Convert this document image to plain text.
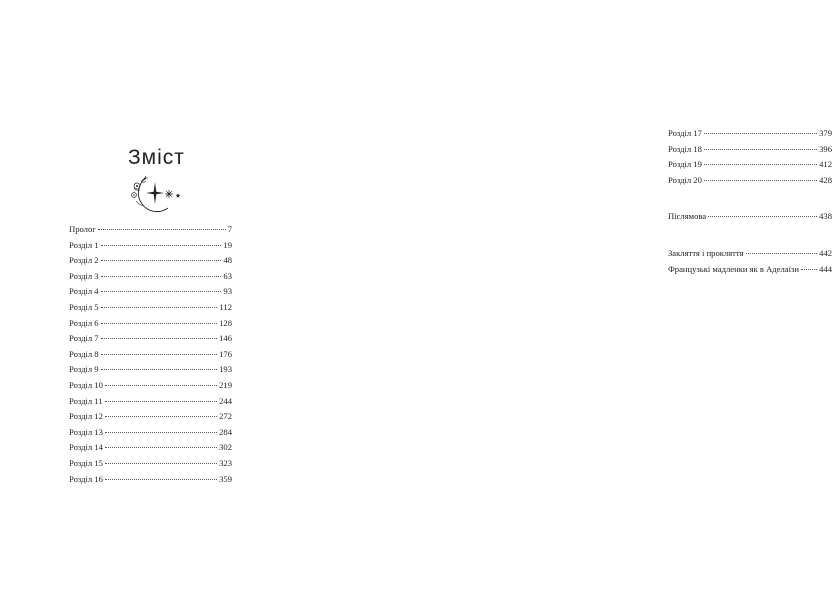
Зміст
Пролог	7
Розділ 1	19
Розділ 2	48
Розділ 3	63
Розділ 4	93
Розділ 5	112
Розділ 6	128
Розділ 7	146
Розділ 8	176
Розділ 9	193
Розділ 10	219
Розділ 11	244
Розділ 12	272
Розділ 13	284
Розділ 14	302
Розділ 15	323
Розділ 16	359
Розділ 17	379
Розділ 18	396
Розділ 19	412
Розділ 20	428
Післямова	438
Закляття і прокляття	442
Французькі мадленки як в Аделаїзи 444
